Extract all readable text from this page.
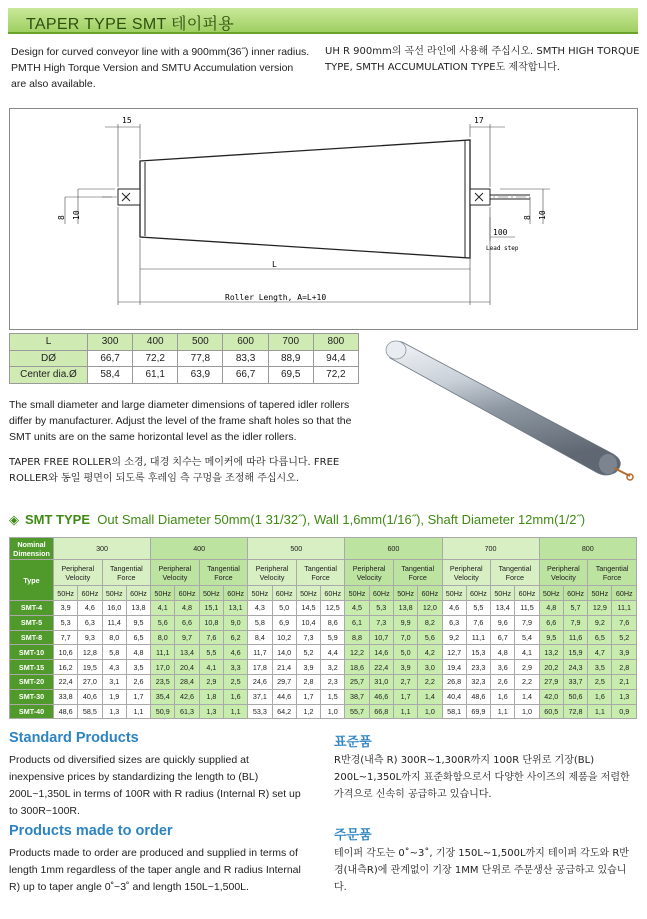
TAPER TYPE SMT 테이퍼용
Design for curved conveyor line with a 900mm(36˝) inner radius. PMTH High Torque Version and SMTU Accumulation version are also available.
UH R 900mm의 곡선 라인에 사용해 주십시오. SMTH HIGH TORQUE TYPE, SMTH ACCUMULATION TYPE도 제작합니다.
15	17
8 10	8 10
100
Lead step
L
Roller Length, A=L+10
L	300	400	500	600	700	800
DØ	66,7	72,2	77,8	83,3	88,9	94,4
Center dia.Ø	58,4	61,1	63,9	66,7	69,5	72,2
The small diameter and large diameter dimensions of tapered idler rollers differ by manufacturer. Adjust the level of the frame shaft holes so that the SMT units are on the same horizontal level as the idler rollers.
TAPER FREE ROLLER의 소경, 대경 치수는 메이커에 따라 다릅니다. FREE ROLLER와 동일 평면이 되도록 후레임 측 구멍을 조정해 주십시오.
◈ SMT TYPE Out Small Diameter 50mm(1 31/32˝), Wall 1,6mm(1/16˝), Shaft Diameter 12mm(1/2˝)
Nominal Dimension	300				400				500				600				700				800			
Type	Peripheral Velocity		Tangential Force		Peripheral Velocity		Tangential Force		Peripheral Velocity		Tangential Force		Peripheral Velocity		Tangential Force		Peripheral Velocity		Tangential Force		Peripheral Velocity		Tangential Force	
	50Hz	60Hz	50Hz	60Hz	50Hz	60Hz	50Hz	60Hz	50Hz	60Hz	50Hz	60Hz	50Hz	60Hz	50Hz	60Hz	50Hz	60Hz	50Hz	60Hz	50Hz	60Hz	50Hz	60Hz
SMT-4	3,9	4,6	16,0	13,8	4,1	4,8	15,1	13,1	4,3	5,0	14,5	12,5	4,5	5,3	13,8	12,0	4,6	5,5	13,4	11,5	4,8	5,7	12,9	11,1
SMT-5	5,3	6,3	11,4	9,5	5,6	6,6	10,8	9,0	5,8	6,9	10,4	8,6	6,1	7,3	9,9	8,2	6,3	7,6	9,6	7,9	6,6	7,9	9,2	7,6
SMT-8	7,7	9,3	8,0	6,5	8,0	9,7	7,6	6,2	8,4	10,2	7,3	5,9	8,8	10,7	7,0	5,6	9,2	11,1	6,7	5,4	9,5	11,6	6,5	5,2
SMT-10	10,6	12,8	5,8	4,8	11,1	13,4	5,5	4,6	11,7	14,0	5,2	4,4	12,2	14,6	5,0	4,2	12,7	15,3	4,8	4,1	13,2	15,9	4,7	3,9
SMT-15	16,2	19,5	4,3	3,5	17,0	20,4	4,1	3,3	17,8	21,4	3,9	3,2	18,6	22,4	3,9	3,0	19,4	23,3	3,6	2,9	20,2	24,3	3,5	2,8
SMT-20	22,4	27,0	3,1	2,6	23,5	28,4	2,9	2,5	24,6	29,7	2,8	2,3	25,7	31,0	2,7	2,2	26,8	32,3	2,6	2,2	27,9	33,7	2,5	2,1
SMT-30	33,8	40,6	1,9	1,7	35,4	42,6	1,8	1,6	37,1	44,6	1,7	1,5	38,7	46,6	1,7	1,4	40,4	48,6	1,6	1,4	42,0	50,6	1,6	1,3
SMT-40	48,6	58,5	1,3	1,1	50,9	61,3	1,3	1,1	53,3	64,2	1,2	1,0	55,7	66,8	1,1	1,0	58,1	69,9	1,1	1,0	60,5	72,8	1,1	0,9
Standard Products
Products od diversified sizes are quickly supplied at inexpensive prices by standardizing the length to (BL) 200L~1,350L in terms of 100R with R radius (Internal R) set up to 300R~100R.
표준품
R반경(내측 R) 300R~1,300R까지 100R 단위로 기장(BL) 200L~1,350L까지 표준화함으로서 다양한 사이즈의 제품을 저렴한 가격으로 신속히 공급하고 있습니다.
Products made to order
Products made to order are produced and supplied in terms of length 1mm regardless of the taper angle and R radius Internal R) up to taper angle 0˚~3˚ and length 150L~1,500L.
주문품
테이퍼 각도는 0˚~3˚, 기장 150L~1,500L까지 테이퍼 각도와 R반경(내측R)에 관계없이 기장 1MM 단위로 주문생산 공급하고 있습니다.
